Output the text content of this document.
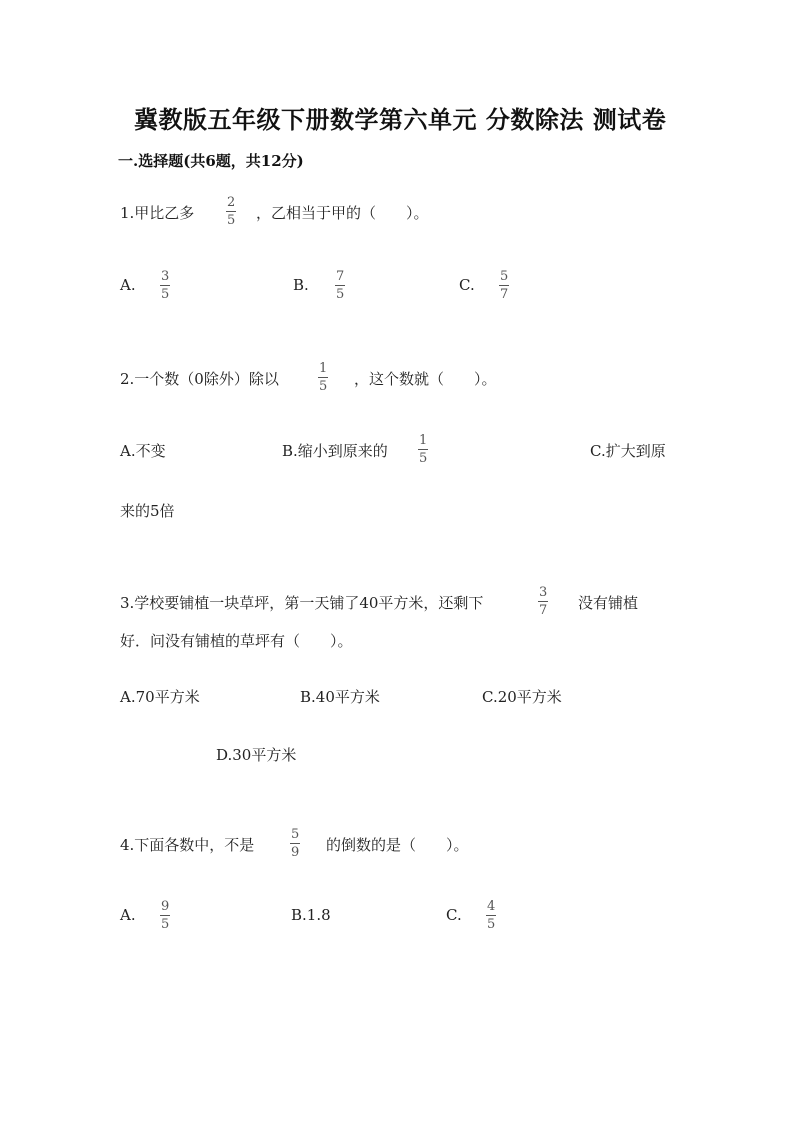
冀教版五年级下册数学第六单元 分数除法 测试卷
一.选择题(共6题，共12分)
1.甲比乙多
2
5 ，乙相当于甲的（　　）。
A. 3
5
B. 7
5
C. 5
7
2.一个数（0除外）除以
1
5 ，这个数就（　　）。
A.不变	B.缩小到原来的
1
5	C.扩大到原
来的5倍
3.学校要铺植一块草坪，第一天铺了40平方米，还剩下
3
7 没有铺植
好．问没有铺植的草坪有（　　）。
A.70平方米	B.40平方米	C.20平方米
D.30平方米
4.下面各数中，不是
5
9 的倒数的是（　　）。
A. 9
5
B.1.8	C. 4
5
